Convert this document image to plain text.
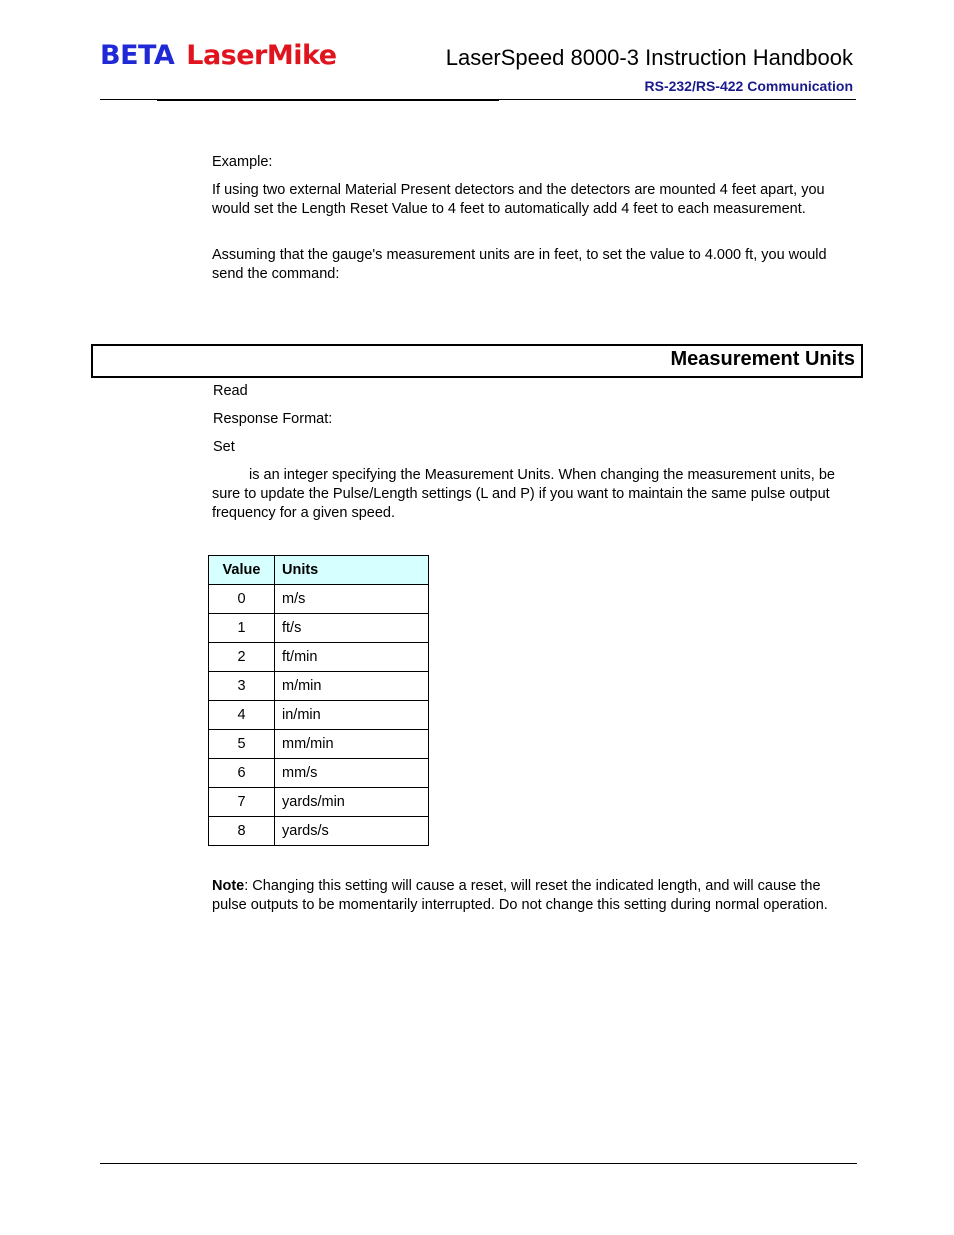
BETA LaserMike	LaserSpeed 8000-3 Instruction Handbook
RS-232/RS-422 Communication
Example:
If using two external Material Present detectors and the detectors are mounted 4 feet apart, you would set the Length Reset Value to 4 feet to automatically add 4 feet to each measurement.
Assuming that the gauge's measurement units are in feet, to set the value to 4.000 ft, you would send the command:
Measurement Units
Read
Response Format:
Set
is an integer specifying the Measurement Units. When changing the measurement units, be sure to update the Pulse/Length settings (L and P) if you want to maintain the same pulse output frequency for a given speed.
Value	Units
0	m/s
1	ft/s
2	ft/min
3	m/min
4	in/min
5	mm/min
6	mm/s
7	yards/min
8	yards/s
Note: Changing this setting will cause a reset, will reset the indicated length, and will cause the pulse outputs to be momentarily interrupted. Do not change this setting during normal operation.
